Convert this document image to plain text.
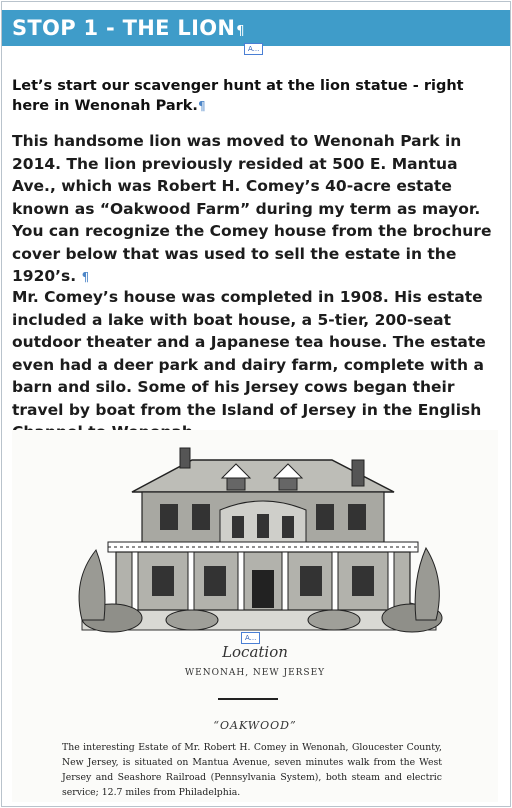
STOP 1 - THE LION¶
A...
Let’s start our scavenger hunt at the lion statue - right here in Wenonah Park.¶
This handsome lion was moved to Wenonah Park in 2014. The lion previously resided at 500 E. Mantua Ave., which was Robert H. Comey’s 40-acre estate known as “Oakwood Farm” during my term as mayor. You can recognize the Comey house from the brochure cover below that was used to sell the estate in the 1920’s. ¶
Mr. Comey’s house was completed in 1908. His estate included a lake with boat house, a 5-tier, 200-seat outdoor theater and a Japanese tea house. The estate even had a deer park and dairy farm, complete with a barn and silo. Some of his Jersey cows began their travel by boat from the Island of Jersey in the English
A...
Location
WENONAH, NEW JERSEY
“OAKWOOD”
The interesting Estate of Mr. Robert H. Comey in Wenonah, Gloucester County, New Jersey, is situated on Mantua Avenue, seven minutes walk from the West Jersey and Seashore Railroad (Pennsylvania System), both steam and electric service; 12.7 miles from Philadelphia.
